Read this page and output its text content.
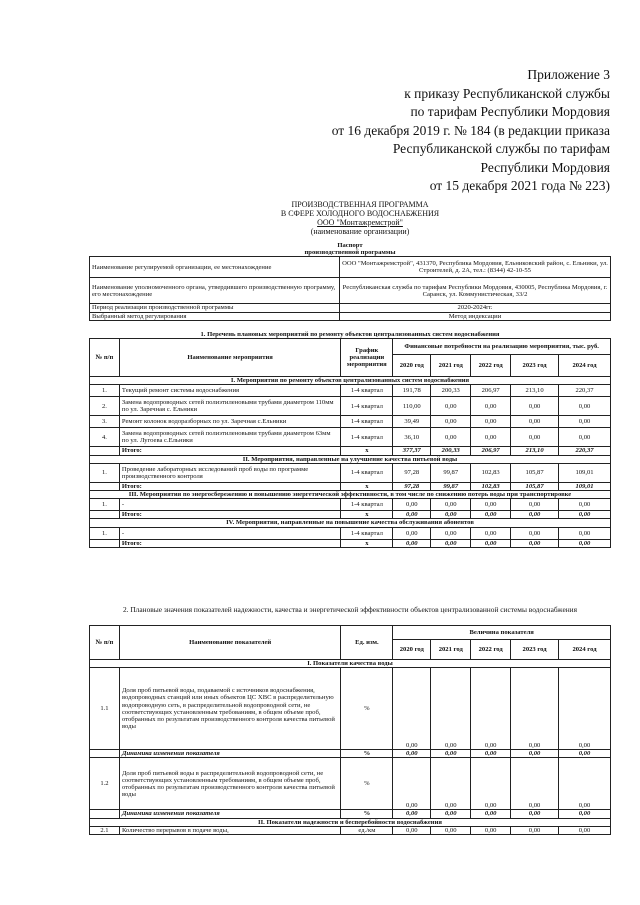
Приложение 3
к приказу Республиканской службы
по тарифам Республики Мордовия
от 16 декабря 2019 г. № 184 (в редакции приказа
Республиканской службы по тарифам
Республики Мордовия
от 15 декабря 2021 года № 223)
ПРОИЗВОДСТВЕННАЯ ПРОГРАММА
В СФЕРЕ ХОЛОДНОГО ВОДОСНАБЖЕНИЯ
ООО "Монтажремстрой"
(наименование организации)
Паспорт	
производственной программы	
Наименование регулируемой организации, ее местонахождение	ООО "Монтажремстрой", 431370, Республика Мордовия, Ельниковский район, с. Ельники, ул. Строителей, д. 2А, тел.: (8344) 42-10-55
Наименование уполномоченного органа, утвердившего производственную программу, его местонахождение	Республиканская служба по тарифам Республики Мордовия, 430005, Республика Мордовия, г. Саранск, ул. Коммунистическая, 33/2
Период реализации производственной программы	2020-2024гг.
Выбранный метод регулирования	Метод индексации
1. Перечень плановых мероприятий по ремонту объектов централизованных систем водоснабжения							
№ п/п	Наименование мероприятия	График реализации мероприятия	Финансовые потребности на реализацию мероприятия, тыс. руб.				
			2020 год	2021 год	2022 год	2023 год	2024 год
I. Мероприятия по ремонту объектов централизованных систем водоснабжения							
1.	Текущий ремонт системы водоснабжения	1-4 квартал	191,78	200,33	206,97	213,10	220,37
2.	Замена водопроводных сетей полиэтиленовыми трубами диаметром 110мм по ул. Заречная с. Ельники	1-4 квартал	110,00	0,00	0,00	0,00	0,00
3.	Ремонт колонок водоразборных по ул. Заречная с.Ельники	1-4 квартал	39,49	0,00	0,00	0,00	0,00
4.	Замена водопроводных сетей полиэтиленовыми трубами диаметром 63мм по ул. Лугоева с.Ельники	1-4 квартал	36,10	0,00	0,00	0,00	0,00
	Итого:	х	377,37	200,33	206,97	213,10	220,37
II. Мероприятия, направленные на улучшение качества питьевой воды							
1.	Проведение лабораторных исследований проб воды по программе производственного контроля	1-4 квартал	97,28	99,87	102,83	105,87	109,01
	Итого:	х	97,28	99,87	102,83	105,87	109,01
III. Мероприятия по энергосбережению и повышению энергетической эффективности, в том числе по снижению потерь воды при транспортировке							
1.	-	1-4 квартал	0,00	0,00	0,00	0,00	0,00
	Итого:	х	0,00	0,00	0,00	0,00	0,00
IV. Мероприятия, направленные на повышение качества обслуживания абонентов							
1.	-	1-4 квартал	0,00	0,00	0,00	0,00	0,00
	Итого:	х	0,00	0,00	0,00	0,00	0,00
2. Плановые значения показателей надежности, качества и энергетической эффективности объектов централизованной системы водоснабжения
№ п/п	Наименование показателей	Ед. изм.	Величина показателя				
			2020 год	2021 год	2022 год	2023 год	2024 год
I. Показатели качества воды							
1.1	Доля проб питьевой воды, подаваемой с источников водоснабжения, водопроводных станций или иных объектов ЦС ХВС в распределительную водопроводную сеть, в распределительной водопроводной сети, не соответствующих установленным требованиям, в общем объеме проб, отобранных по результатам производственного контроля качества питьевой воды	%	0,00	0,00	0,00	0,00	0,00
	Динамика изменения показателя	%	0,00	0,00	0,00	0,00	0,00
1.2	Доля проб питьевой воды в распределительной водопроводной сети, не соответствующих установленным требованиям, в общем объеме проб, отобранных по результатам производственного контроля качества питьевой воды	%	0,00	0,00	0,00	0,00	0,00
	Динамика изменения показателя	%	0,00	0,00	0,00	0,00	0,00
II. Показатели надежности и бесперебойности водоснабжения							
2.1	Количество перерывов в подаче воды,	ед./км	0,00	0,00	0,00	0,00	0,00
